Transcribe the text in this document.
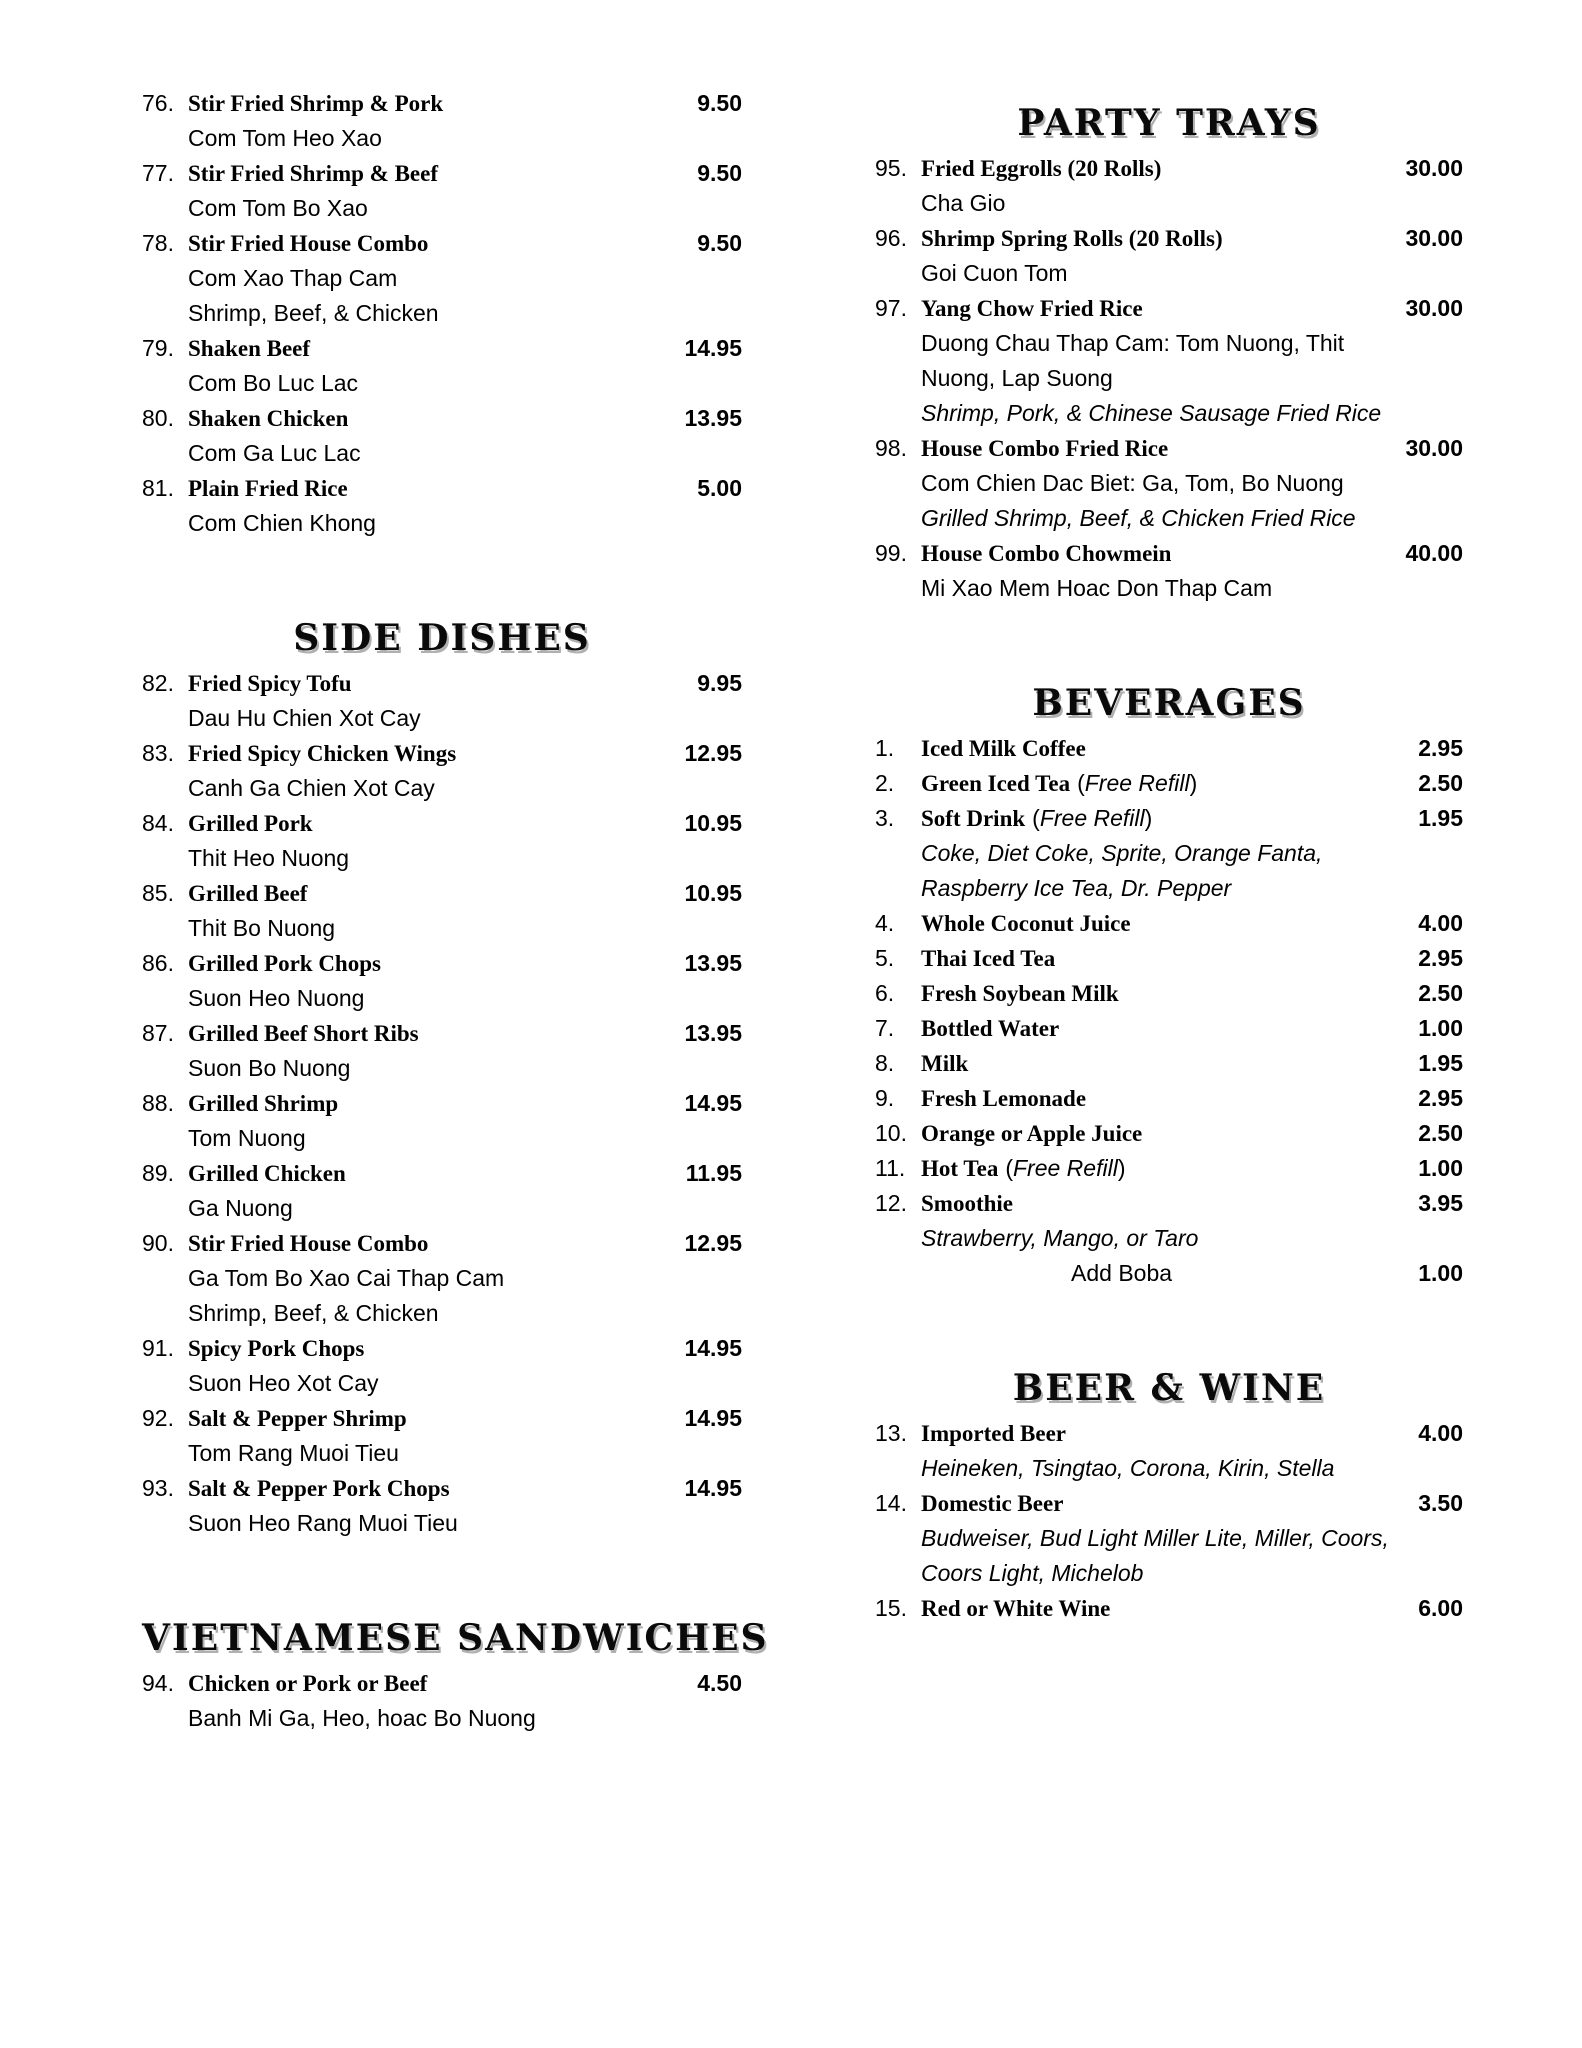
76. Stir Fried Shrimp & Pork	9.50
Com Tom Heo Xao
77. Stir Fried Shrimp & Beef	9.50
Com Tom Bo Xao
78. Stir Fried House Combo	9.50
Com Xao Thap Cam
Shrimp, Beef, & Chicken
79. Shaken Beef	14.95
Com Bo Luc Lac
80. Shaken Chicken	13.95
Com Ga Luc Lac
81. Plain Fried Rice	5.00
Com Chien Khong
SIDE DISHES
82. Fried Spicy Tofu	9.95
Dau Hu Chien Xot Cay
83. Fried Spicy Chicken Wings	12.95
Canh Ga Chien Xot Cay
84. Grilled Pork	10.95
Thit Heo Nuong
85. Grilled Beef	10.95
Thit Bo Nuong
86. Grilled Pork Chops	13.95
Suon Heo Nuong
87. Grilled Beef Short Ribs	13.95
Suon Bo Nuong
88. Grilled Shrimp	14.95
Tom Nuong
89. Grilled Chicken	11.95
Ga Nuong
90. Stir Fried House Combo	12.95
Ga Tom Bo Xao Cai Thap Cam
Shrimp, Beef, & Chicken
91. Spicy Pork Chops	14.95
Suon Heo Xot Cay
92. Salt & Pepper Shrimp	14.95
Tom Rang Muoi Tieu
93. Salt & Pepper Pork Chops	14.95
Suon Heo Rang Muoi Tieu
VIETNAMESE SANDWICHES
94. Chicken or Pork or Beef	4.50
Banh Mi Ga, Heo, hoac Bo Nuong
PARTY TRAYS
95. Fried Eggrolls (20 Rolls)	30.00
Cha Gio
96. Shrimp Spring Rolls (20 Rolls)	30.00
Goi Cuon Tom
97. Yang Chow Fried Rice	30.00
Duong Chau Thap Cam: Tom Nuong, Thit
Nuong, Lap Suong
Shrimp, Pork, & Chinese Sausage Fried Rice
98. House Combo Fried Rice	30.00
Com Chien Dac Biet: Ga, Tom, Bo Nuong
Grilled Shrimp, Beef, & Chicken Fried Rice
99. House Combo Chowmein	40.00
Mi Xao Mem Hoac Don Thap Cam
BEVERAGES
1.	Iced Milk Coffee	2.95
2.	Green Iced Tea (Free Refill)	2.50
3.	Soft Drink (Free Refill)	1.95
Coke, Diet Coke, Sprite, Orange Fanta,
Raspberry Ice Tea, Dr. Pepper
4.	Whole Coconut Juice	4.00
5.	Thai Iced Tea	2.95
6.	Fresh Soybean Milk	2.50
7.	Bottled Water	1.00
8.	Milk	1.95
9.	Fresh Lemonade	2.95
10. Orange or Apple Juice	2.50
11. Hot Tea (Free Refill)	1.00
12. Smoothie	3.95
Strawberry, Mango, or Taro
Add Boba	1.00
BEER & WINE
13. Imported Beer	4.00
Heineken, Tsingtao, Corona, Kirin, Stella
14. Domestic Beer	3.50
Budweiser, Bud Light Miller Lite, Miller, Coors,
Coors Light, Michelob
15. Red or White Wine	6.00
